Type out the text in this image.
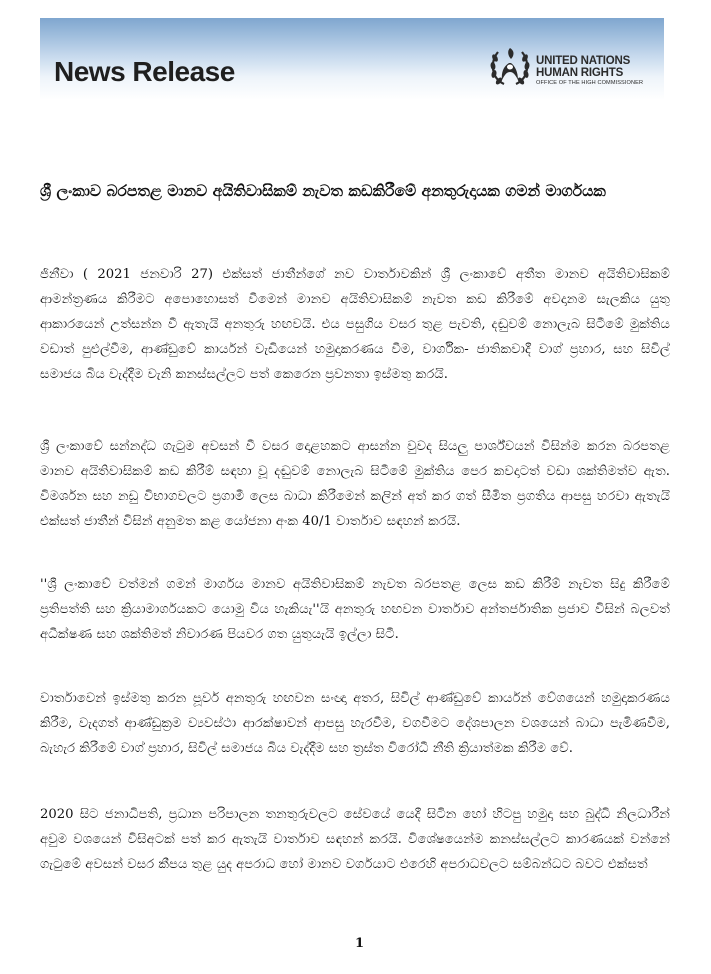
News Release	UNITED NATIONS
HUMAN RIGHTS
OFFICE OF THE HIGH COMMISSIONER
ශ්‍රී ලංකාව බරපතළ මානව අයිතිවාසිකම් නැවත කඩකිරීමේ අනතුරුදායක ගමන් මාර්ගයක

ජිනීවා ( 2021 ජනවාරි 27) එක්සත් ජාතීන්ගේ නව වාර්තාවකින් ශ්‍රී ලංකාවේ අතීත මානව අයිතිවාසිකම් ආමන්ත්‍රණය කිරීමට අපොහොසත් වීමෙන් මානව අයිතිවාසිකම් නැවත කඩ කිරීමේ අවදානම සැලකිය යුතු ආකාරයෙන් උත්සන්න වී ඇතැයි අනතුරු හඟවයි. එය පසුගිය වසර තුළ පැවති, දඬුවම් නොලැබ සිටීමේ මුක්තිය වඩාත් පුළුල්වීම, ආණ්ඩුවේ කාර්යන් වැඩියෙන් හමුදාකරණය වීම, වාර්ගික- ජාතිකවාදී වාග් ප්‍රහාර, සහ සිවිල් සමාජය බිය වැද්දීම වැනි කනස්සල්ලට පත් කෙරෙන ප්‍රවනතා ඉස්මතු කරයි.

ශ්‍රී ලංකාවේ සන්නද්ධ ගැටුම අවසන් වී වසර දොළහකට ආසන්න වුවද සියලු පාර්ශ්වයන් විසින්ම කරන බරපතළ මානව අයිතිවාසිකම් කඩ කිරීම් සඳහා වූ දඬුවම් නොලැබ සිටීමේ මුක්තිය පෙර කවදාටත් වඩා ශක්තිමත්ව ඇත. විමර්ශන සහ නඩු විභාගවලට ප්‍රගාමී ලෙස බාධා කිරීමෙන් කලින් අත් කර ගත් සීමිත ප්‍රගතිය ආපසු හරවා ඇතැයි එක්සත් ජාතීන් විසින් අනුමත කළ යෝජනා අංක 40/1 වාර්තාව සඳහන් කරයි.

''ශ්‍රී ලංකාවේ වත්මන් ගමන් මාර්ගය මානව අයිතිවාසිකම් නැවත බරපතළ ලෙස කඩ කිරීම් නැවත සිදු කිරීමේ ප්‍රතිපත්ති සහ ක්‍රියාමාර්ගයකට යොමු විය හැකියැ''යි අනතුරු හඟවන වාර්තාව අන්තර්ජාතික ප්‍රජාව විසින් බලවත් අධීක්ෂණ සහ ශක්තිමත් නිවාරණ පියවර ගත යුතුයැයි ඉල්ලා සිටී.

වාර්තාවෙන් ඉස්මතු කරන පූර්ව අනතුරු හඟවන සංඥා අතර, සිවිල් ආණ්ඩුවේ කාර්යන් වේගයෙන් හමුදාකරණය කිරීම, වැදගත් ආණ්ඩුක්‍රම ව්‍යවස්ථා ආරක්ෂාවන් ආපසු හැරවීම, වගවීමට දේශපාලන වශයෙන් බාධා පැමිණවීම, බැහැර කිරීමේ වාග් ප්‍රහාර, සිවිල් සමාජය බිය වැද්දීම සහ ත්‍රස්ත විරෝධී නීති ක්‍රියාත්මක කිරීම වේ.

2020 සිට ජනාධිපති, ප්‍රධාන පරිපාලන තනතුරුවලට සේවයේ යෙදී සිටින හෝ හිටපු හමුදා සහ බුද්ධි නිලධාරීන් අවුම වශයෙන් විසිඅටක් පත් කර ඇතැයි වාර්තාව සඳහන් කරයි. විශේෂයෙන්ම කනස්සල්ලට කාරණයක් වන්නේ ගැටුමේ අවසන් වසර කීපය තුළ යුද අපරාධ හෝ මානව වර්ගයාට එරෙහි අපරාධවලට සම්බන්ධට බවට එක්සත්

1
